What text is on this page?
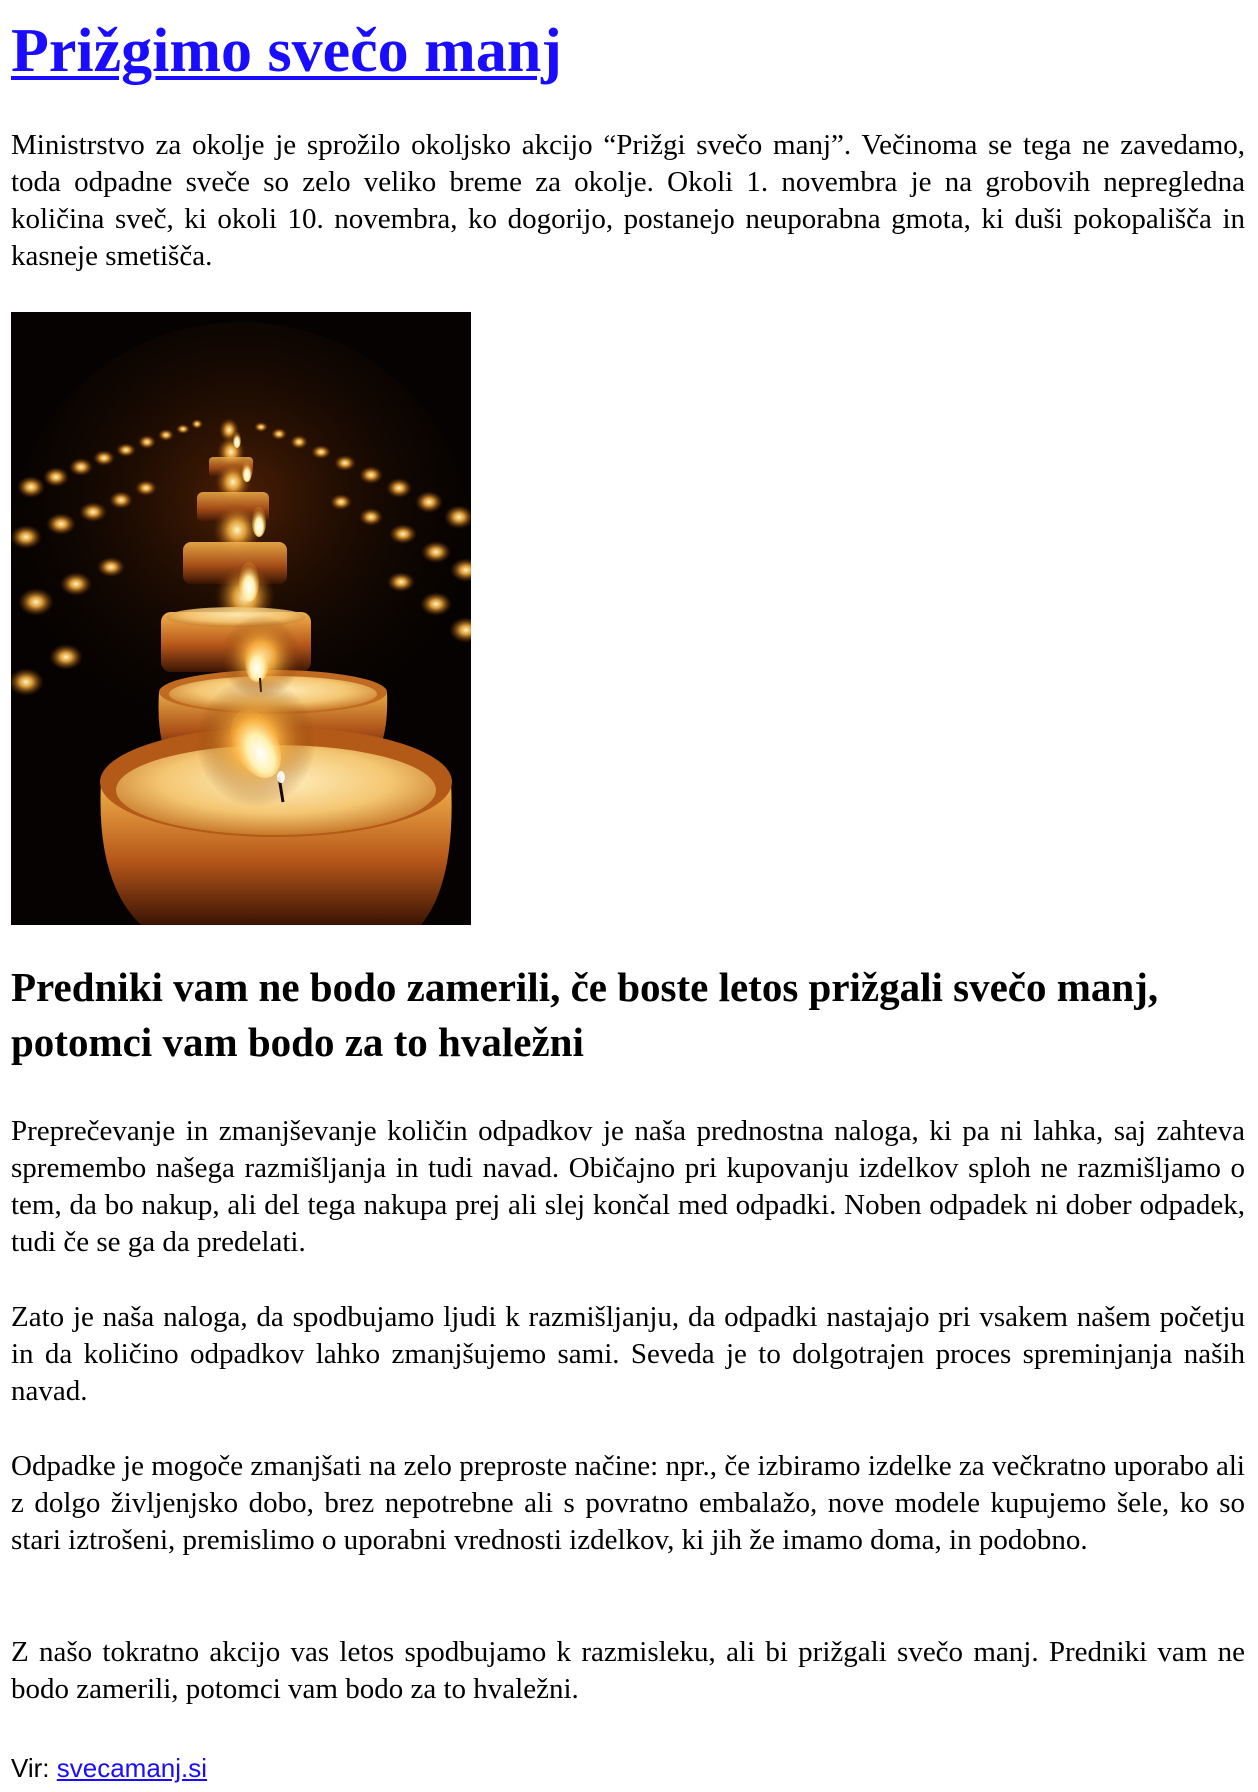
Prižgimo svečo manj

Ministrstvo za okolje je sprožilo okoljsko akcijo “Prižgi svečo manj”. Večinoma se tega ne zavedamo, toda odpadne sveče so zelo veliko breme za okolje. Okoli 1. novembra je na grobovih nepregledna količina sveč, ki okoli 10. novembra, ko dogorijo, postanejo neuporabna gmota, ki duši pokopališča in kasneje smetišča.

Predniki vam ne bodo zamerili, če boste letos prižgali svečo manj, potomci vam bodo za to hvaležni

Preprečevanje in zmanjševanje količin odpadkov je naša prednostna naloga, ki pa ni lahka, saj zahteva spremembo našega razmišljanja in tudi navad. Običajno pri kupovanju izdelkov sploh ne razmišljamo o tem, da bo nakup, ali del tega nakupa prej ali slej končal med odpadki. Noben odpadek ni dober odpadek, tudi če se ga da predelati.

Zato je naša naloga, da spodbujamo ljudi k razmišljanju, da odpadki nastajajo pri vsakem našem početju in da količino odpadkov lahko zmanjšujemo sami. Seveda je to dolgotrajen proces spreminjanja naših navad.

Odpadke je mogoče zmanjšati na zelo preproste načine: npr., če izbiramo izdelke za večkratno uporabo ali z dolgo življenjsko dobo, brez nepotrebne ali s povratno embalažo, nove modele kupujemo šele, ko so stari iztrošeni, premislimo o uporabni vrednosti izdelkov, ki jih že imamo doma, in podobno.

Z našo tokratno akcijo vas letos spodbujamo k razmisleku, ali bi prižgali svečo manj. Predniki vam ne bodo zamerili, potomci vam bodo za to hvaležni.

Vir: svecamanj.si
